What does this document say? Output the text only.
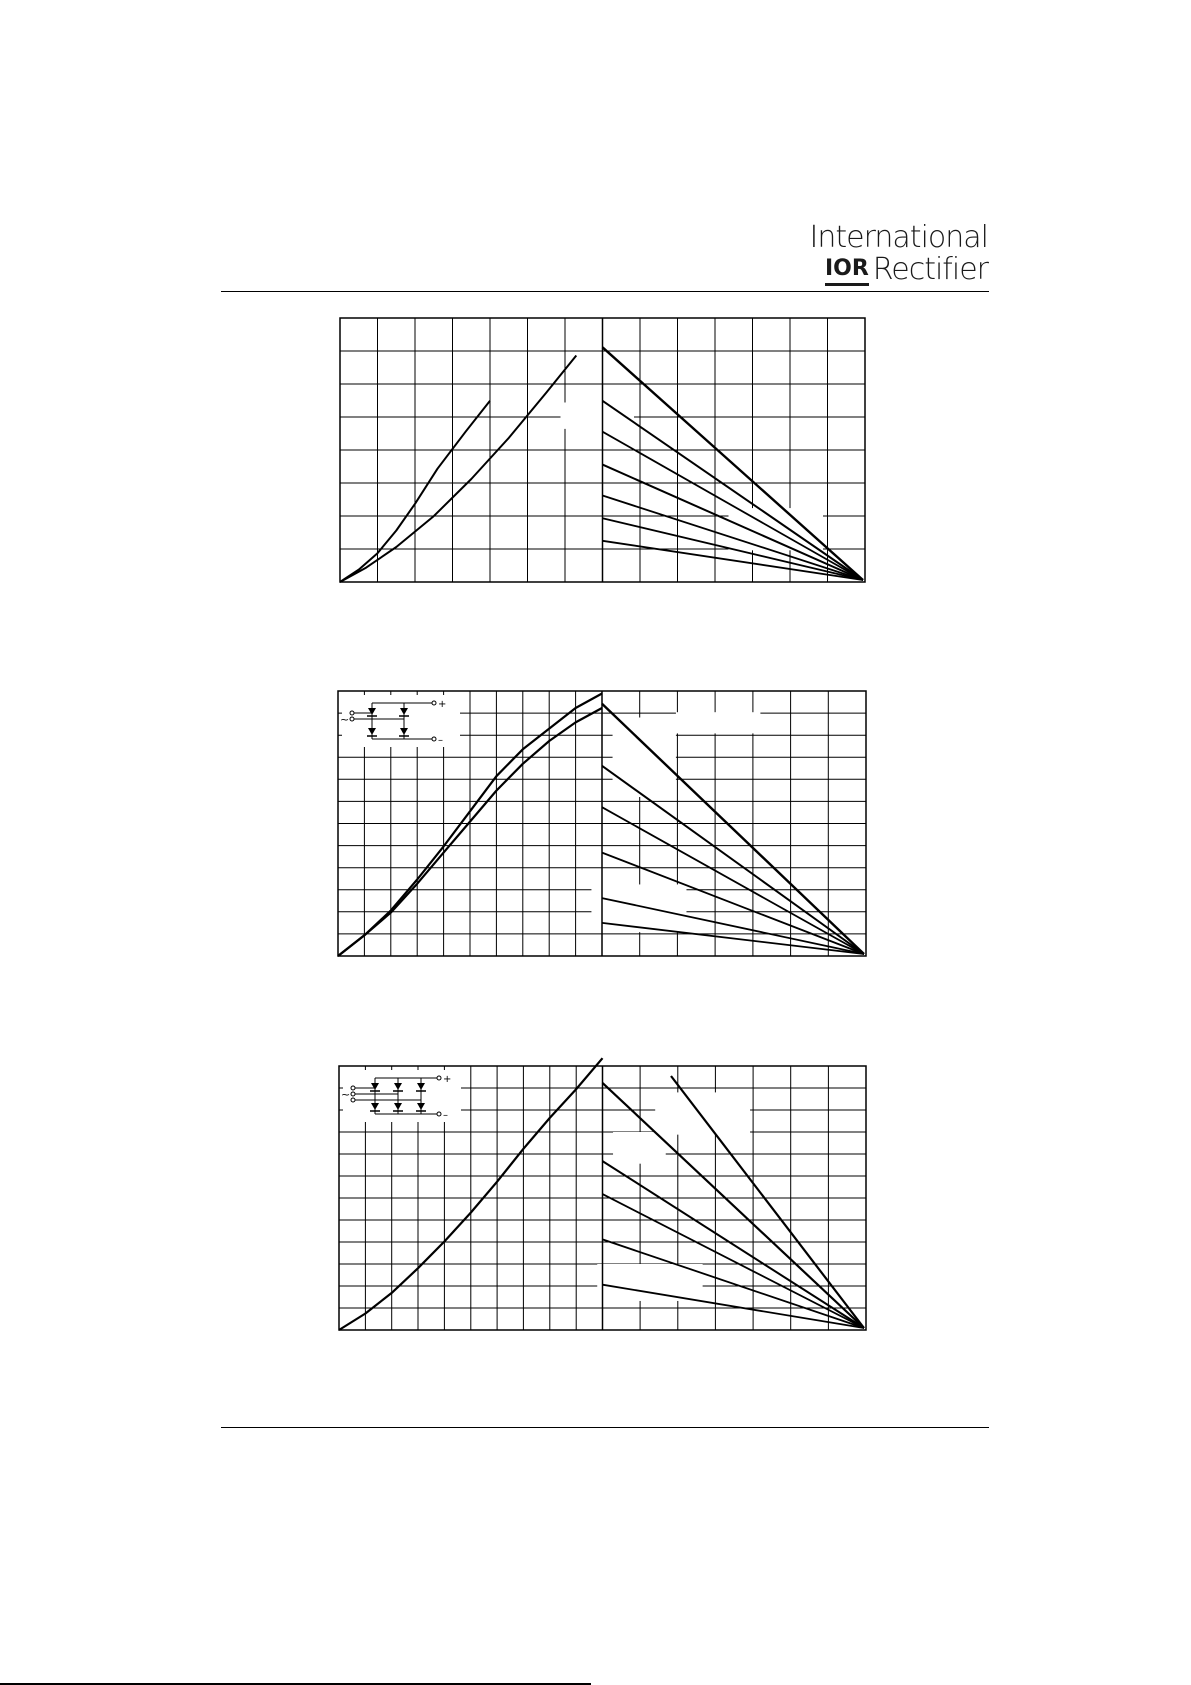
International
IOR Rectifier
+
–
~
+
–
~
